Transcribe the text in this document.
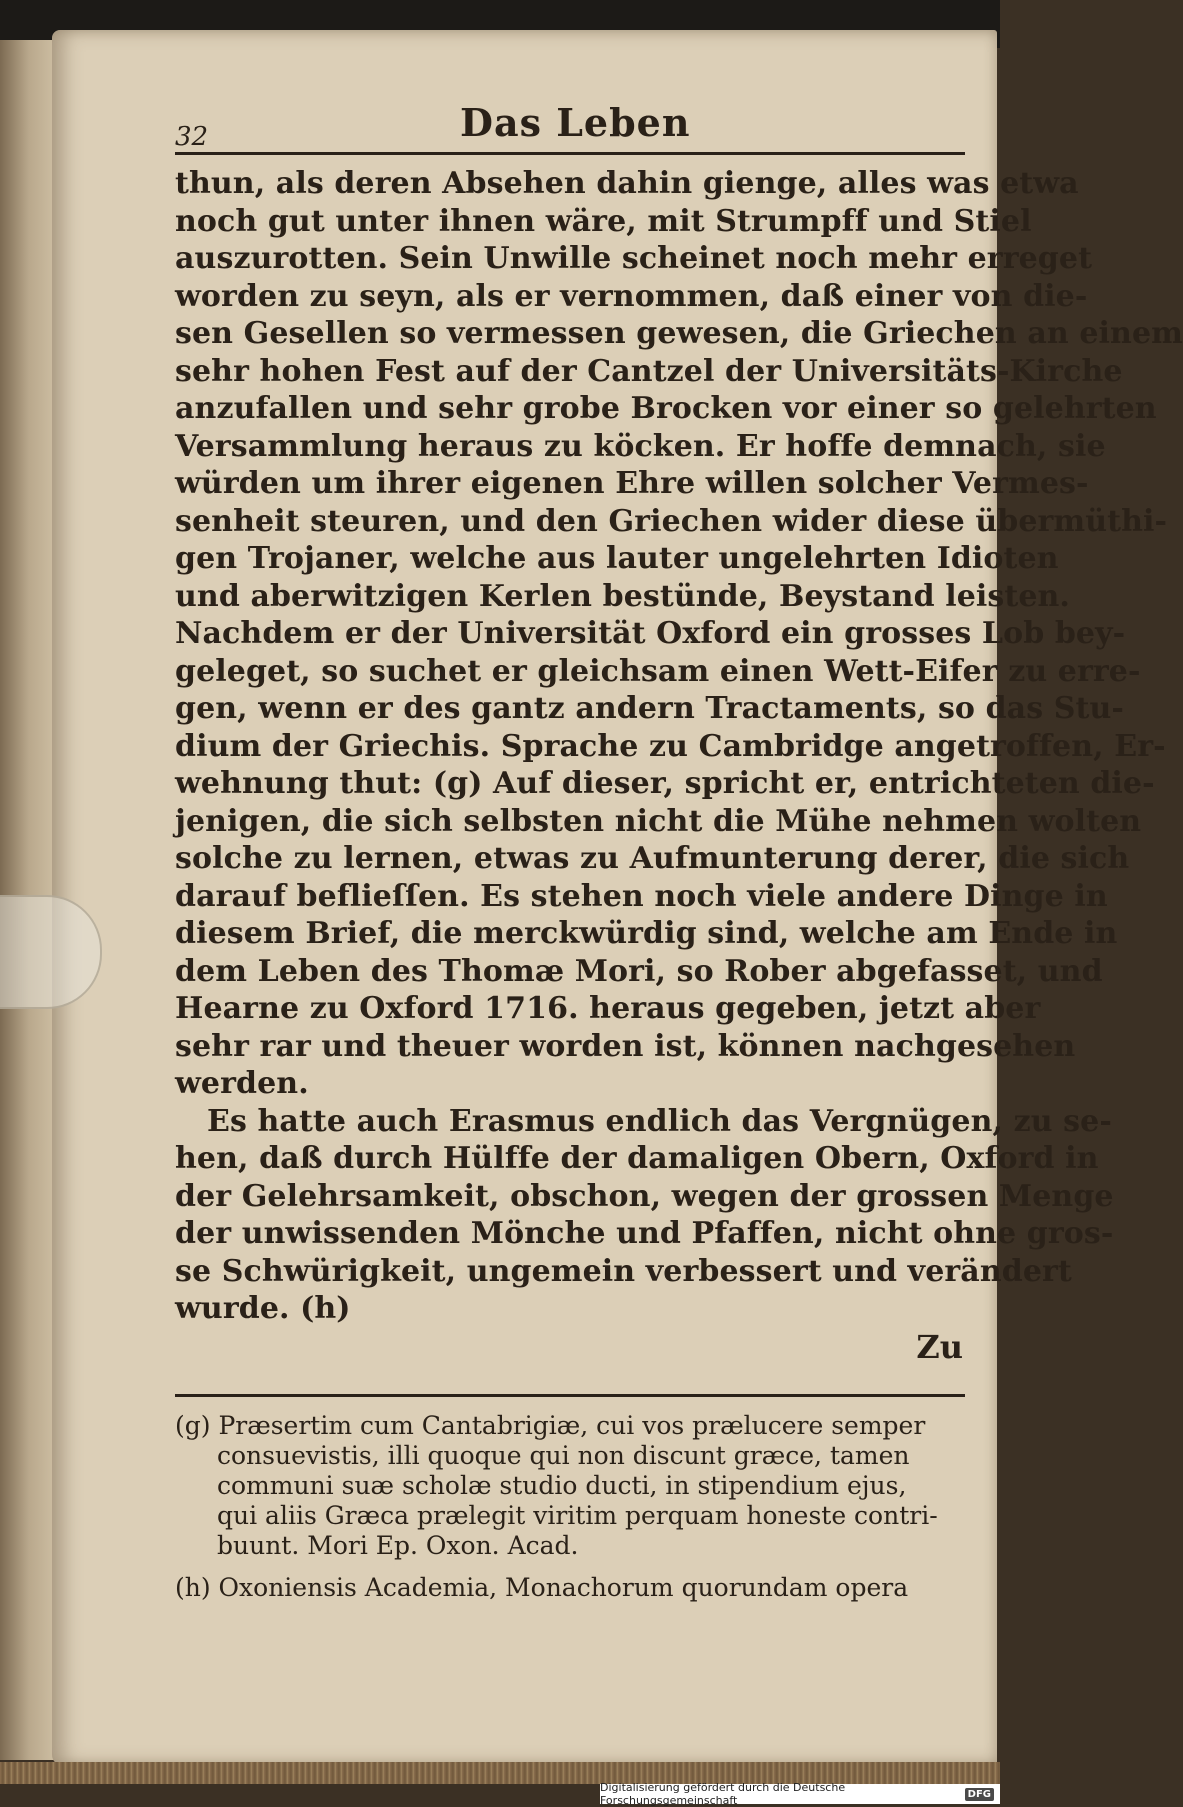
32	Das Leben

thun, als deren Absehen dahin gienge, alles was etwa

noch gut unter ihnen wäre, mit Strumpff und Stiel

auszurotten. Sein Unwille scheinet noch mehr erreget

worden zu seyn, als er vernommen, daß einer von die-

sen Gesellen so vermessen gewesen, die Griechen an einem

sehr hohen Fest auf der Cantzel der Universitäts-Kirche

anzufallen und sehr grobe Brocken vor einer so gelehrten

Versammlung heraus zu köcken. Er hoffe demnach, sie

würden um ihrer eigenen Ehre willen solcher Vermes-

senheit steuren, und den Griechen wider diese übermüthi-

gen Trojaner, welche aus lauter ungelehrten Idioten

und aberwitzigen Kerlen bestünde, Beystand leisten.

Nachdem er der Universität Oxford ein grosses Lob bey-

geleget, so suchet er gleichsam einen Wett-Eifer zu erre-

gen, wenn er des gantz andern Tractaments, so das Stu-

dium der Griechis. Sprache zu Cambridge angetroffen, Er-

wehnung thut: (g) Auf dieser, spricht er, entrichteten die-

jenigen, die sich selbsten nicht die Mühe nehmen wolten

solche zu lernen, etwas zu Aufmunterung derer, die sich

darauf beflieſſen. Es stehen noch viele andere Dinge in

diesem Brief, die merckwürdig sind, welche am Ende in

dem Leben des Thomæ Mori, so Rober abgefasset, und

Hearne zu Oxford 1716. heraus gegeben, jetzt aber

sehr rar und theuer worden ist, können nachgesehen

werden.

Es hatte auch Erasmus endlich das Vergnügen, zu se-

hen, daß durch Hülffe der damaligen Obern, Oxford in

der Gelehrsamkeit, obschon, wegen der grossen Menge

der unwissenden Mönche und Pfaffen, nicht ohne gros-

se Schwürigkeit, ungemein verbessert und verändert

wurde. (h)

Zu

(g) Præsertim cum Cantabrigiæ, cui vos prælucere semper

consuevistis, illi quoque qui non discunt græce, tamen

communi suæ scholæ studio ducti, in stipendium ejus,

qui aliis Græca prælegit viritim perquam honeste contri-

buunt. Mori Ep. Oxon. Acad.

(h) Oxoniensis Academia, Monachorum quorundam opera

Digitalisierung gefördert durch die Deutsche Forschungsgemeinschaft	DFG
